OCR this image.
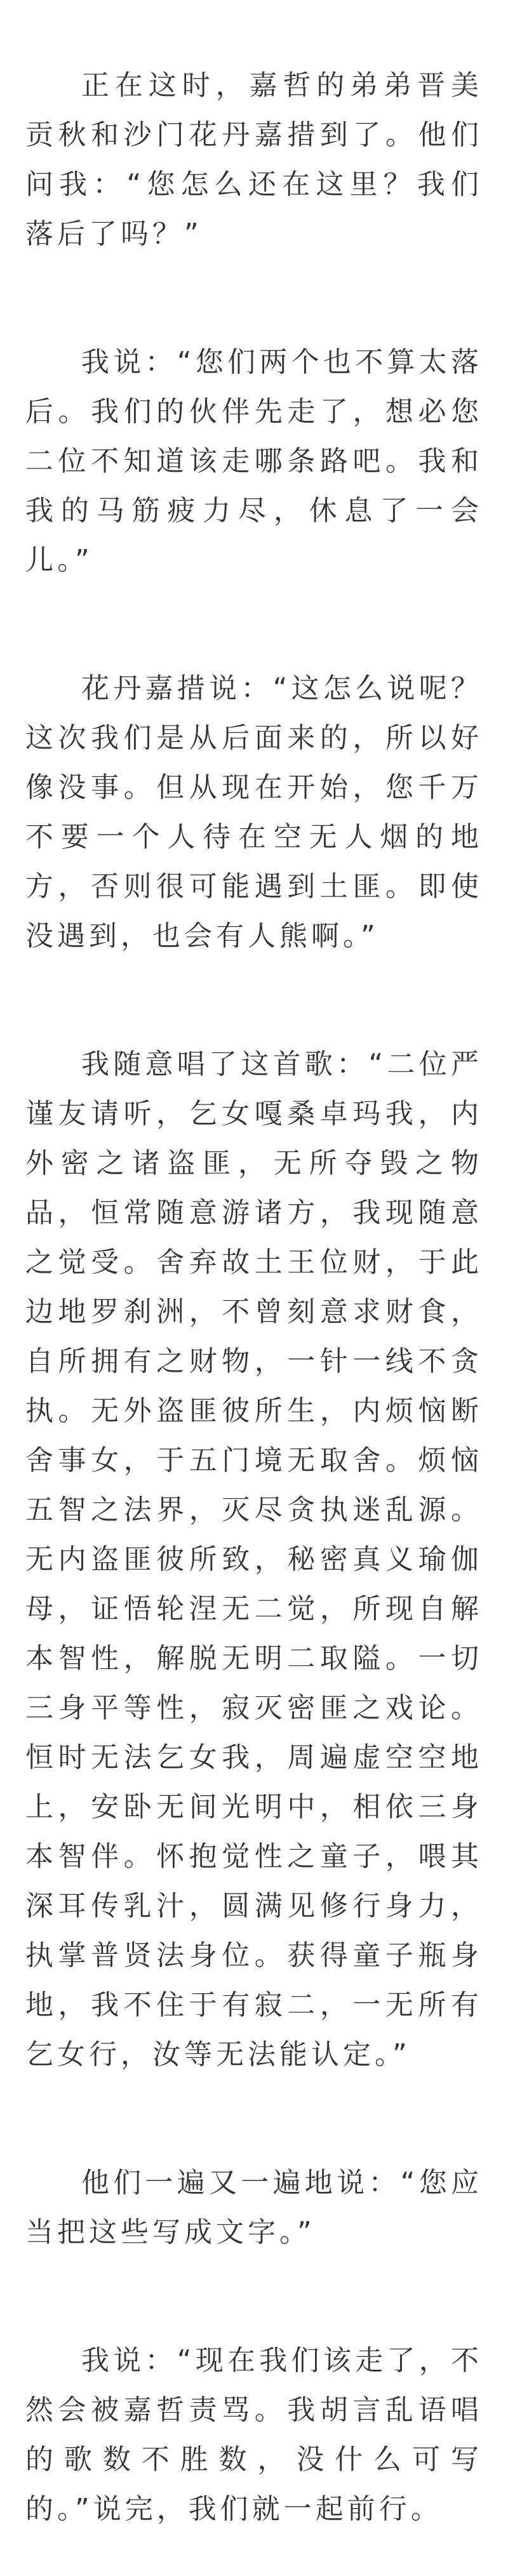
正在这时，嘉哲的弟弟晋美贡秋和沙门花丹嘉措到了。他们问我：“您怎么还在这里？我们落后了吗？”

我说：“您们两个也不算太落后。我们的伙伴先走了，想必您二位不知道该走哪条路吧。我和我的马筋疲力尽，休息了一会儿。”

花丹嘉措说：“这怎么说呢？这次我们是从后面来的，所以好像没事。但从现在开始，您千万不要一个人待在空无人烟的地方，否则很可能遇到土匪。即使没遇到，也会有人熊啊。”

我随意唱了这首歌：“二位严谨友请听，乞女嘎桑卓玛我，内外密之诸盗匪，无所夺毁之物品，恒常随意游诸方，我现随意之觉受。舍弃故土王位财，于此边地罗刹洲，不曾刻意求财食，自所拥有之财物，一针一线不贪执。无外盗匪彼所生，内烦恼断舍事女，于五门境无取舍。烦恼五智之法界，灭尽贪执迷乱源。无内盗匪彼所致，秘密真义瑜伽母，证悟轮涅无二觉，所现自解本智性，解脱无明二取隘。一切三身平等性，寂灭密匪之戏论。恒时无法乞女我，周遍虚空空地上，安卧无间光明中，相依三身本智伴。怀抱觉性之童子，喂其深耳传乳汁，圆满见修行身力，执掌普贤法身位。获得童子瓶身地，我不住于有寂二，一无所有乞女行，汝等无法能认定。”

他们一遍又一遍地说：“您应当把这些写成文字。”

我说：“现在我们该走了，不然会被嘉哲责骂。我胡言乱语唱的歌数不胜数，没什么可写的。”说完，我们就一起前行。
